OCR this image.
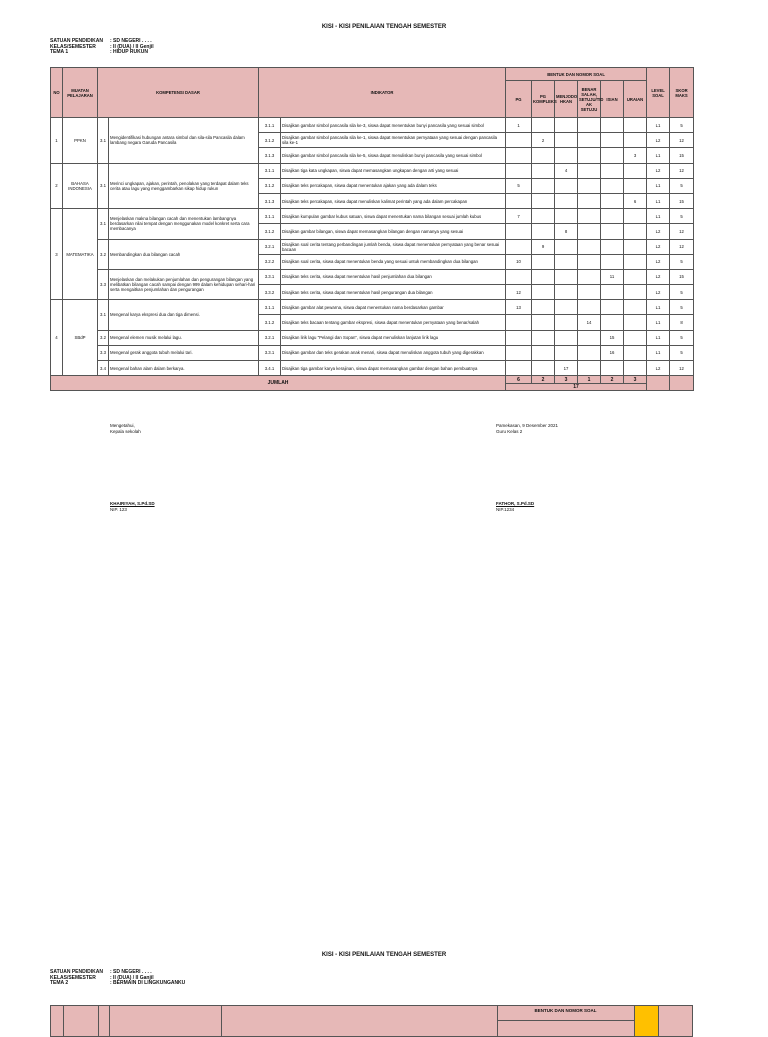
KISI - KISI PENILAIAN TENGAH SEMESTER
SATUAN PENDIDIKAN	: SD NEGERI . . . .
KELAS/SEMESTER	: II (DUA) / II Genjil
TEMA 1	: HIDUP RUKUN
NO	MUATAN PELAJARAN	KOMPETENSI DASAR		INDIKATOR		BENTUK DAN NOMOR SOAL						LEVEL SOAL	SKOR MAKS
						PG	PG KOMPLEKS	MENJODO HKAN	BENAR SALAH, SETUJU/TID AK SETUJU	ISIAN	URAIAN		
1	PPKN	3.1	Mengidentifikasi hubungan antara simbol dan sila-sila Pancasila dalam lambang negara Garuda Pancasila	3.1.1	Disajikan gambar simbol pancasila sila ke-3, siswa dapat menentukan bunyi pancasila yang sesuai simbol	1						L1	5
				3.1.2	Disajikan gambar simbol pancasila sila ke-1, siswa dapat menentukan pernyataan yang sesuai dengan pancasila sila ke-1		2					L2	12
				3.1.3	Disajikan gambar simbol pancasila sila ke-5, siswa dapat menuliskan bunyi pancasila yang sesuai simbol						3	L1	15
2	BAHASA INDONESIA	3.1	Merinci ungkapan, ajakan, perintah, penolakan yang terdapat dalam teks cerita atau lagu yang menggambarkan sikap hidup rukun	3.1.1	Disajikan tiga kata ungkapan, siswa dapat memasangkan ungkapan dengan arti yang sesuai			4				L2	12
				3.1.2	Disajikan teks percakapan, siswa dapat menentukan ajakan yang ada dalam teks	5						L1	5
				3.1.3	Disajikan teks percakapan, siswa dapat menuliskan kalimat perintah yang ada dalam percakapan						6	L1	15
3	MATEMATIKA	3.1	Menjelaskan makna bilangan cacah dan menentukan lambangnya berdasarkan nilai tempat dengan menggunakan model konkret serta cara membacanya	3.1.1	Disajikan kumpulan gambar kubus satuan, siswa dapat menentukan nama bilangan sesuai jumlah kubus	7						L1	5
				3.1.2	Disajikan gambar bilangan, siswa dapat memasangkan bilangan dengan namanya yang sesuai			8				L2	12
		3.2	Membandingkan dua bilangan cacah	3.2.1	Disajikan soal cerita tentang perbandingan jumlah benda, siswa dapat menentukan pernyataan yang benar sesuai bacaan		9					L2	12
				3.2.2	Disajikan soal cerita, siswa dapat menentukan benda yang sesuai untuk membandingkan dua bilangan	10						L2	5
		3.3	Menjelaskan dan melakukan penjumlahan dan pengurangan bilangan yang melibatkan bilangan cacah sampai dengan 999 dalam kehidupan sehari-hari serta mengaitkan penjumlahan dan pengurangan	3.3.1	Disajikan teks cerita, siswa dapat menentukan hasil penjumlahan dua bilangan					11		L2	15
				3.3.2	Disajikan teks cerita, siswa dapat menentukan hasil pengurangan dua bilangan	12						L2	5
4	SBdP	3.1	Mengenal karya ekspresi dua dan tiga dimensi.	3.1.1	Disajikan gambar alat pewarna, siswa dapat menentukan nama berdasarkan gambar	13						L1	5
				3.1.2	Disajikan teks bacaan tentang gambar ekspresi, siswa dapat menentukan pernyataan yang benar/salah				14			L1	8
		3.2	Mengenal elemen musik melalui lagu.	3.2.1	Disajikan lirik lagu "Pelangi dan Sopan", siswa dapat menuliskan lanjutan lirik lagu					15		L1	5
		3.3	Mengenal gerak anggota tubuh melalui tari.	3.3.1	Disajikan gambar dan teks gerakan anak menari, siswa dapat menuliskan anggota tubuh yang digerakkan					16		L1	5
		3.4	Mengenal bahan alam dalam berkarya.	3.4.1	Disajikan tiga gambar karya kerajinan, siswa dapat memasangkan gambar dengan bahan pembuatnya			17				L2	12
JUMLAH						6	2	3	1	2	3		
						17							
Mengetahui,
Kepala sekolah
KHAIRIYAH, S.Pd.SD
NIP. 123
Pamekasan, 9 Desember 2021
Guru Kelas 2
FATHOR, S.Pd.SD
NIP.1234
KISI - KISI PENILAIAN TENGAH SEMESTER
SATUAN PENDIDIKAN	: SD NEGERI . . . .
KELAS/SEMESTER	: II (DUA) / II Ganjil
TEMA 2	: BERMAIN DI LINGKUNGANKU
BENTUK DAN NOMOR SOAL
